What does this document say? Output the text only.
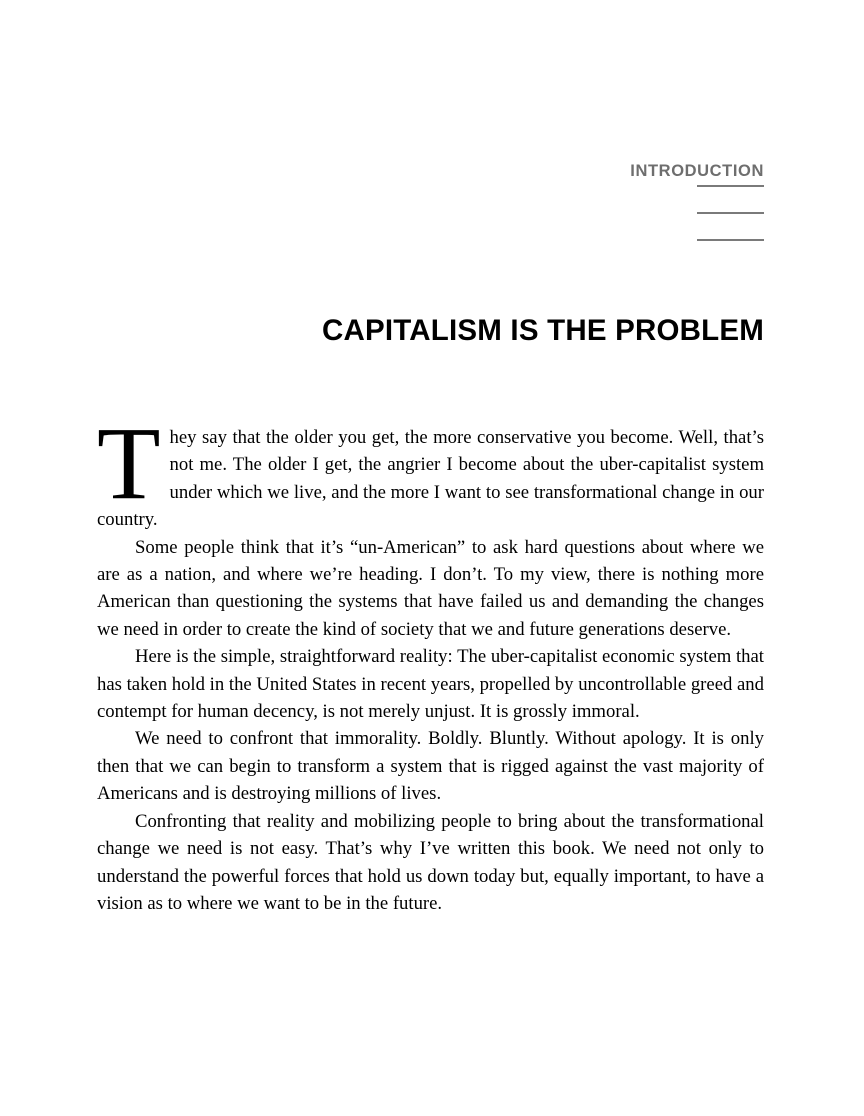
INTRODUCTION
CAPITALISM IS THE PROBLEM

They say that the older you get, the more conservative you become. Well, that’s not me. The older I get, the angrier I become about the uber-capitalist system under which we live, and the more I want to see transformational change in our country.

Some people think that it’s “un-American” to ask hard questions about where we are as a nation, and where we’re heading. I don’t. To my view, there is nothing more American than questioning the systems that have failed us and demanding the changes we need in order to create the kind of society that we and future generations deserve.

Here is the simple, straightforward reality: The uber-capitalist economic system that has taken hold in the United States in recent years, propelled by uncontrollable greed and contempt for human decency, is not merely unjust. It is grossly immoral.

We need to confront that immorality. Boldly. Bluntly. Without apology. It is only then that we can begin to transform a system that is rigged against the vast majority of Americans and is destroying millions of lives.

Confronting that reality and mobilizing people to bring about the transformational change we need is not easy. That’s why I’ve written this book. We need not only to understand the powerful forces that hold us down today but, equally important, to have a vision as to where we want to be in the future.
